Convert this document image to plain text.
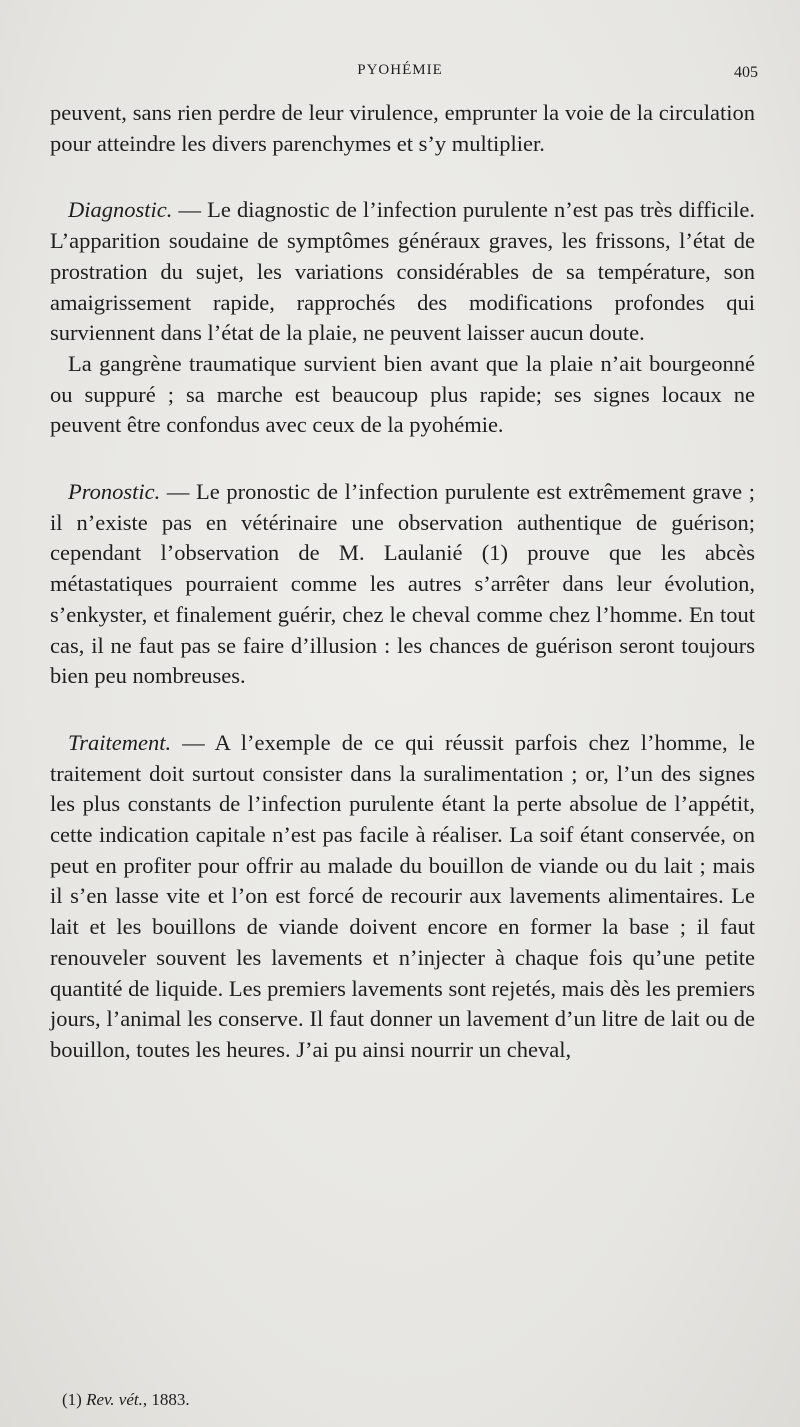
PYOHÉMIE	405

peuvent, sans rien perdre de leur virulence, emprunter la voie de la circulation pour atteindre les divers parenchymes et s’y multiplier.

Diagnostic. — Le diagnostic de l’infection purulente n’est pas très difficile. L’apparition soudaine de symptômes généraux graves, les frissons, l’état de prostration du sujet, les variations considérables de sa température, son amaigrissement rapide, rapprochés des modifications profondes qui surviennent dans l’état de la plaie, ne peuvent laisser aucun doute.

La gangrène traumatique survient bien avant que la plaie n’ait bourgeonné ou suppuré ; sa marche est beaucoup plus rapide; ses signes locaux ne peuvent être confondus avec ceux de la pyohémie.

Pronostic. — Le pronostic de l’infection purulente est extrêmement grave ; il n’existe pas en vétérinaire une observation authentique de guérison; cependant l’observation de M. Laulanié (1) prouve que les abcès métastatiques pourraient comme les autres s’arrêter dans leur évolution, s’enkyster, et finalement guérir, chez le cheval comme chez l’homme. En tout cas, il ne faut pas se faire d’illusion : les chances de guérison seront toujours bien peu nombreuses.

Traitement. — A l’exemple de ce qui réussit parfois chez l’homme, le traitement doit surtout consister dans la suralimentation ; or, l’un des signes les plus constants de l’infection purulente étant la perte absolue de l’appétit, cette indication capitale n’est pas facile à réaliser. La soif étant conservée, on peut en profiter pour offrir au malade du bouillon de viande ou du lait ; mais il s’en lasse vite et l’on est forcé de recourir aux lavements alimentaires. Le lait et les bouillons de viande doivent encore en former la base ; il faut renouveler souvent les lavements et n’injecter à chaque fois qu’une petite quantité de liquide. Les premiers lavements sont rejetés, mais dès les premiers jours, l’animal les conserve. Il faut donner un lavement d’un litre de lait ou de bouillon, toutes les heures. J’ai pu ainsi nourrir un cheval,

(1) Rev. vét., 1883.
